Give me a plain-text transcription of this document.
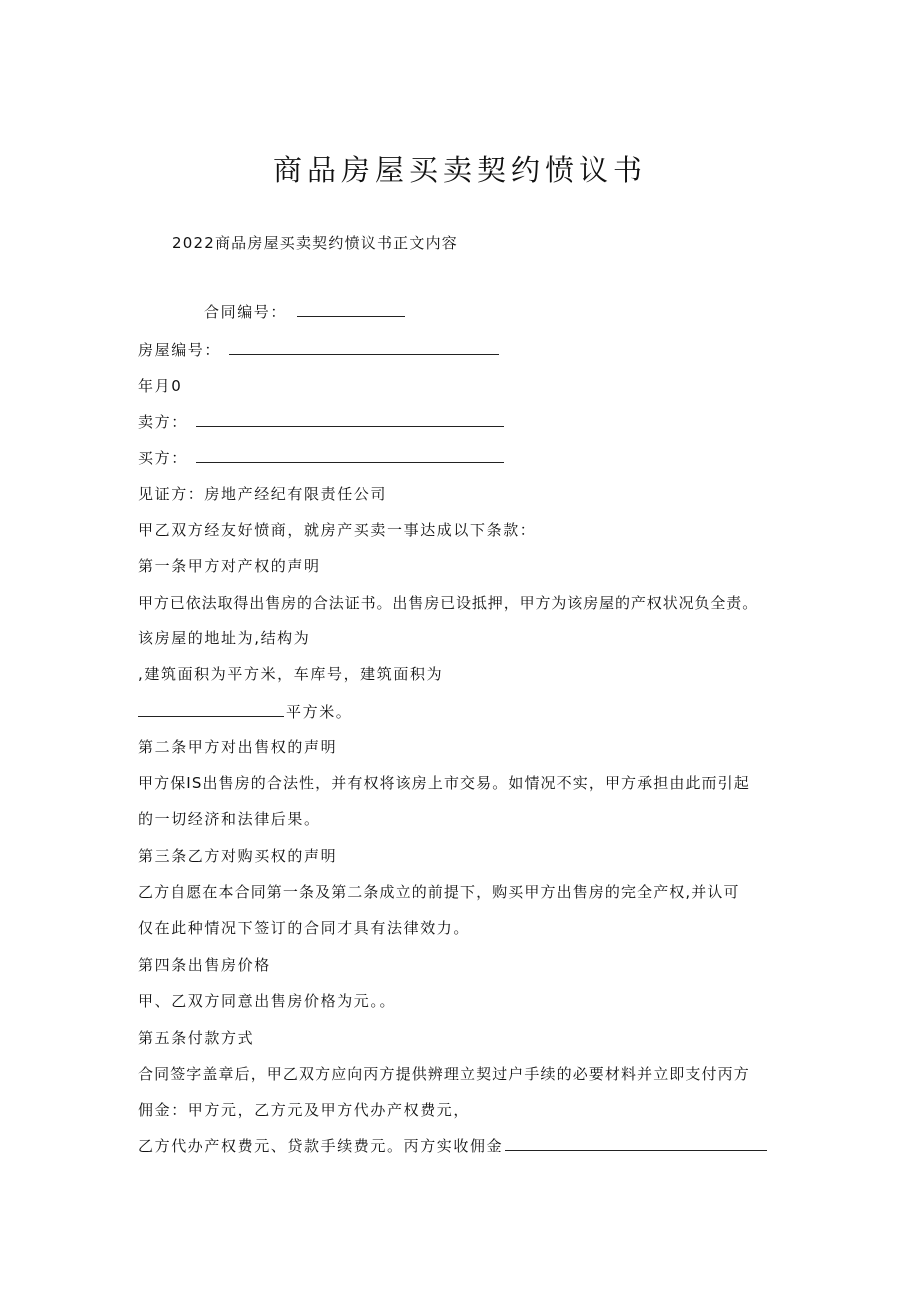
商品房屋买卖契约愤议书
2022商品房屋买卖契约愤议书正文内容
合同编号：
房屋编号：
年月0
卖方：
买方：
见证方：房地产经纪有限责任公司
甲乙双方经友好愤商，就房产买卖一事达成以下条款：
第一条甲方对产权的声明
甲方已依法取得出售房的合法证书。出售房已设抵押，甲方为该房屋的产权状况负全责。
该房屋的地址为,结构为
,建筑面积为平方米，车库号，建筑面积为
平方米。
第二条甲方对出售权的声明
甲方保IS出售房的合法性，并有权将该房上市交易。如情况不实，甲方承担由此而引起
的一切经济和法律后果。
第三条乙方对购买权的声明
乙方自愿在本合同第一条及第二条成立的前提下，购买甲方出售房的完全产权,并认可
仅在此种情况下签订的合同才具有法律效力。
第四条出售房价格
甲、乙双方同意出售房价格为元。。
第五条付款方式
合同签字盖章后，甲乙双方应向丙方提供辨理立契过户手续的必要材料并立即支付丙方
佣金：甲方元，乙方元及甲方代办产权费元，
乙方代办产权费元、贷款手续费元。丙方实收佣金
